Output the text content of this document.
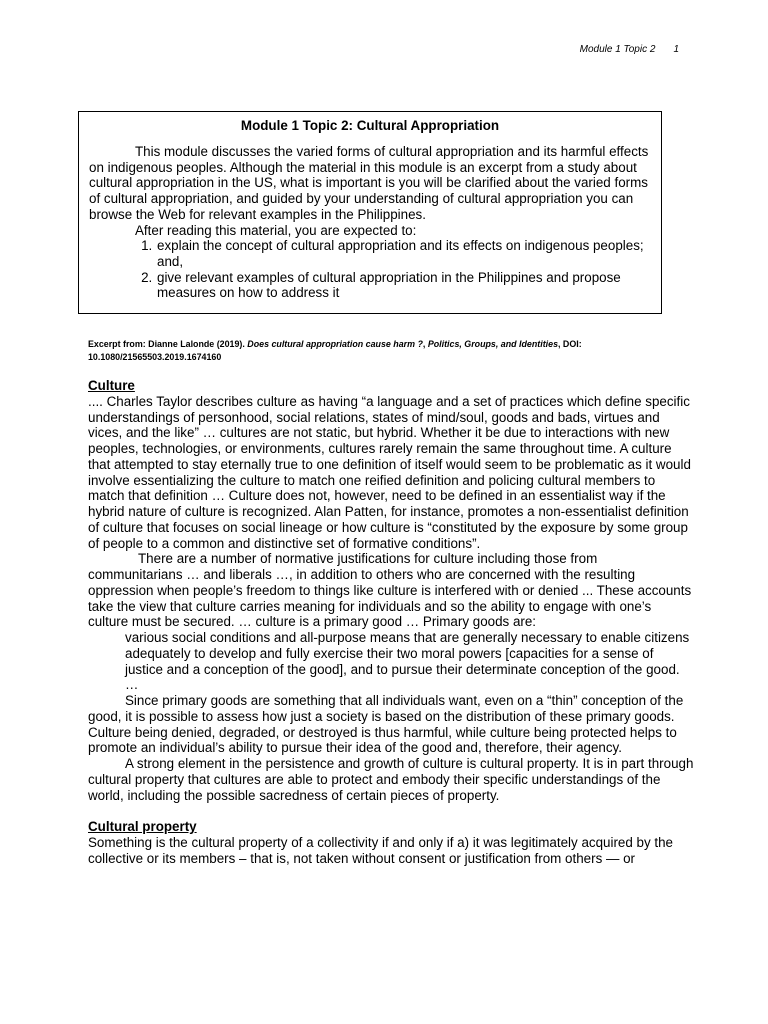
Module 1 Topic 2 1
Module 1 Topic 2: Cultural Appropriation

This module discusses the varied forms of cultural appropriation and its harmful effects on indigenous peoples. Although the material in this module is an excerpt from a study about cultural appropriation in the US, what is important is you will be clarified about the varied forms of cultural appropriation, and guided by your understanding of cultural appropriation you can browse the Web for relevant examples in the Philippines.

After reading this material, you are expected to:

1. explain the concept of cultural appropriation and its effects on indigenous peoples; and,
2. give relevant examples of cultural appropriation in the Philippines and propose measures on how to address it
Excerpt from: Dianne Lalonde (2019). Does cultural appropriation cause harm ?, Politics, Groups, and Identities, DOI: 10.1080/21565503.2019.1674160

Culture

.... Charles Taylor describes culture as having “a language and a set of practices which define specific understandings of personhood, social relations, states of mind/soul, goods and bads, virtues and vices, and the like” … cultures are not static, but hybrid. Whether it be due to interactions with new peoples, technologies, or environments, cultures rarely remain the same throughout time. A culture that attempted to stay eternally true to one definition of itself would seem to be problematic as it would involve essentializing the culture to match one reified definition and policing cultural members to match that definition … Culture does not, however, need to be defined in an essentialist way if the hybrid nature of culture is recognized. Alan Patten, for instance, promotes a non-essentialist definition of culture that focuses on social lineage or how culture is “constituted by the exposure by some group of people to a common and distinctive set of formative conditions”.

There are a number of normative justifications for culture including those from communitarians … and liberals …, in addition to others who are concerned with the resulting oppression when people’s freedom to things like culture is interfered with or denied ... These accounts take the view that culture carries meaning for individuals and so the ability to engage with one’s culture must be secured. … culture is a primary good … Primary goods are:

various social conditions and all-purpose means that are generally necessary to enable citizens adequately to develop and fully exercise their two moral powers [capacities for a sense of justice and a conception of the good], and to pursue their determinate conception of the good. …

Since primary goods are something that all individuals want, even on a “thin” conception of the good, it is possible to assess how just a society is based on the distribution of these primary goods. Culture being denied, degraded, or destroyed is thus harmful, while culture being protected helps to promote an individual’s ability to pursue their idea of the good and, therefore, their agency.

A strong element in the persistence and growth of culture is cultural property. It is in part through cultural property that cultures are able to protect and embody their specific understandings of the world, including the possible sacredness of certain pieces of property.

Cultural property

Something is the cultural property of a collectivity if and only if a) it was legitimately acquired by the collective or its members – that is, not taken without consent or justification from others — or
